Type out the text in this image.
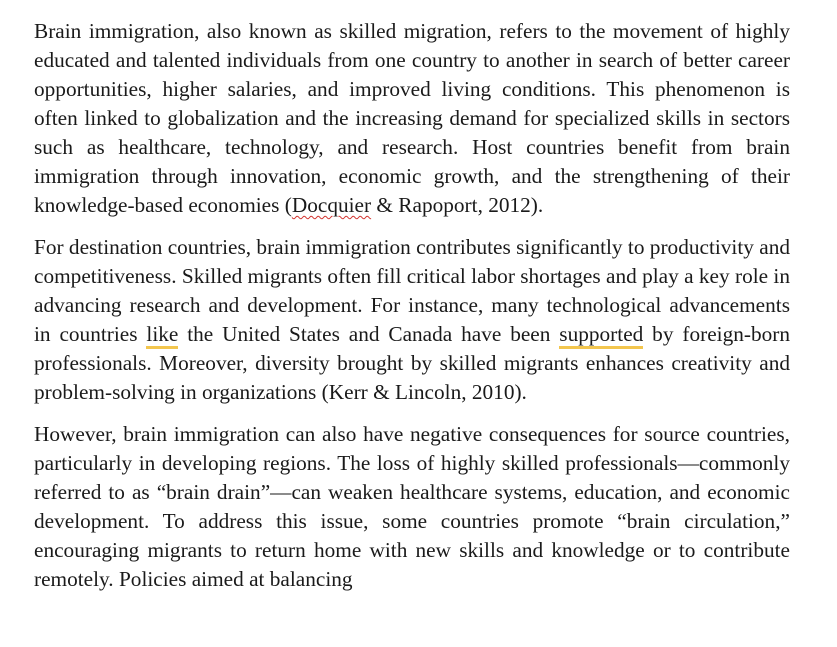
Brain immigration, also known as skilled migration, refers to the movement of highly educated and talented individuals from one country to another in search of better career opportunities, higher salaries, and improved living conditions. This phenomenon is often linked to globalization and the increasing demand for specialized skills in sectors such as healthcare, technology, and research. Host countries benefit from brain immigration through innovation, economic growth, and the strengthening of their knowledge-based economies (Docquier & Rapoport, 2012).

For destination countries, brain immigration contributes significantly to productivity and competitiveness. Skilled migrants often fill critical labor shortages and play a key role in advancing research and development. For instance, many technological advancements in countries like the United States and Canada have been supported by foreign-born professionals. Moreover, diversity brought by skilled migrants enhances creativity and problem-solving in organizations (Kerr & Lincoln, 2010).

However, brain immigration can also have negative consequences for source countries, particularly in developing regions. The loss of highly skilled professionals—commonly referred to as “brain drain”—can weaken healthcare systems, education, and economic development. To address this issue, some countries promote “brain circulation,” encouraging migrants to return home with new skills and knowledge or to contribute remotely. Policies aimed at balancing
